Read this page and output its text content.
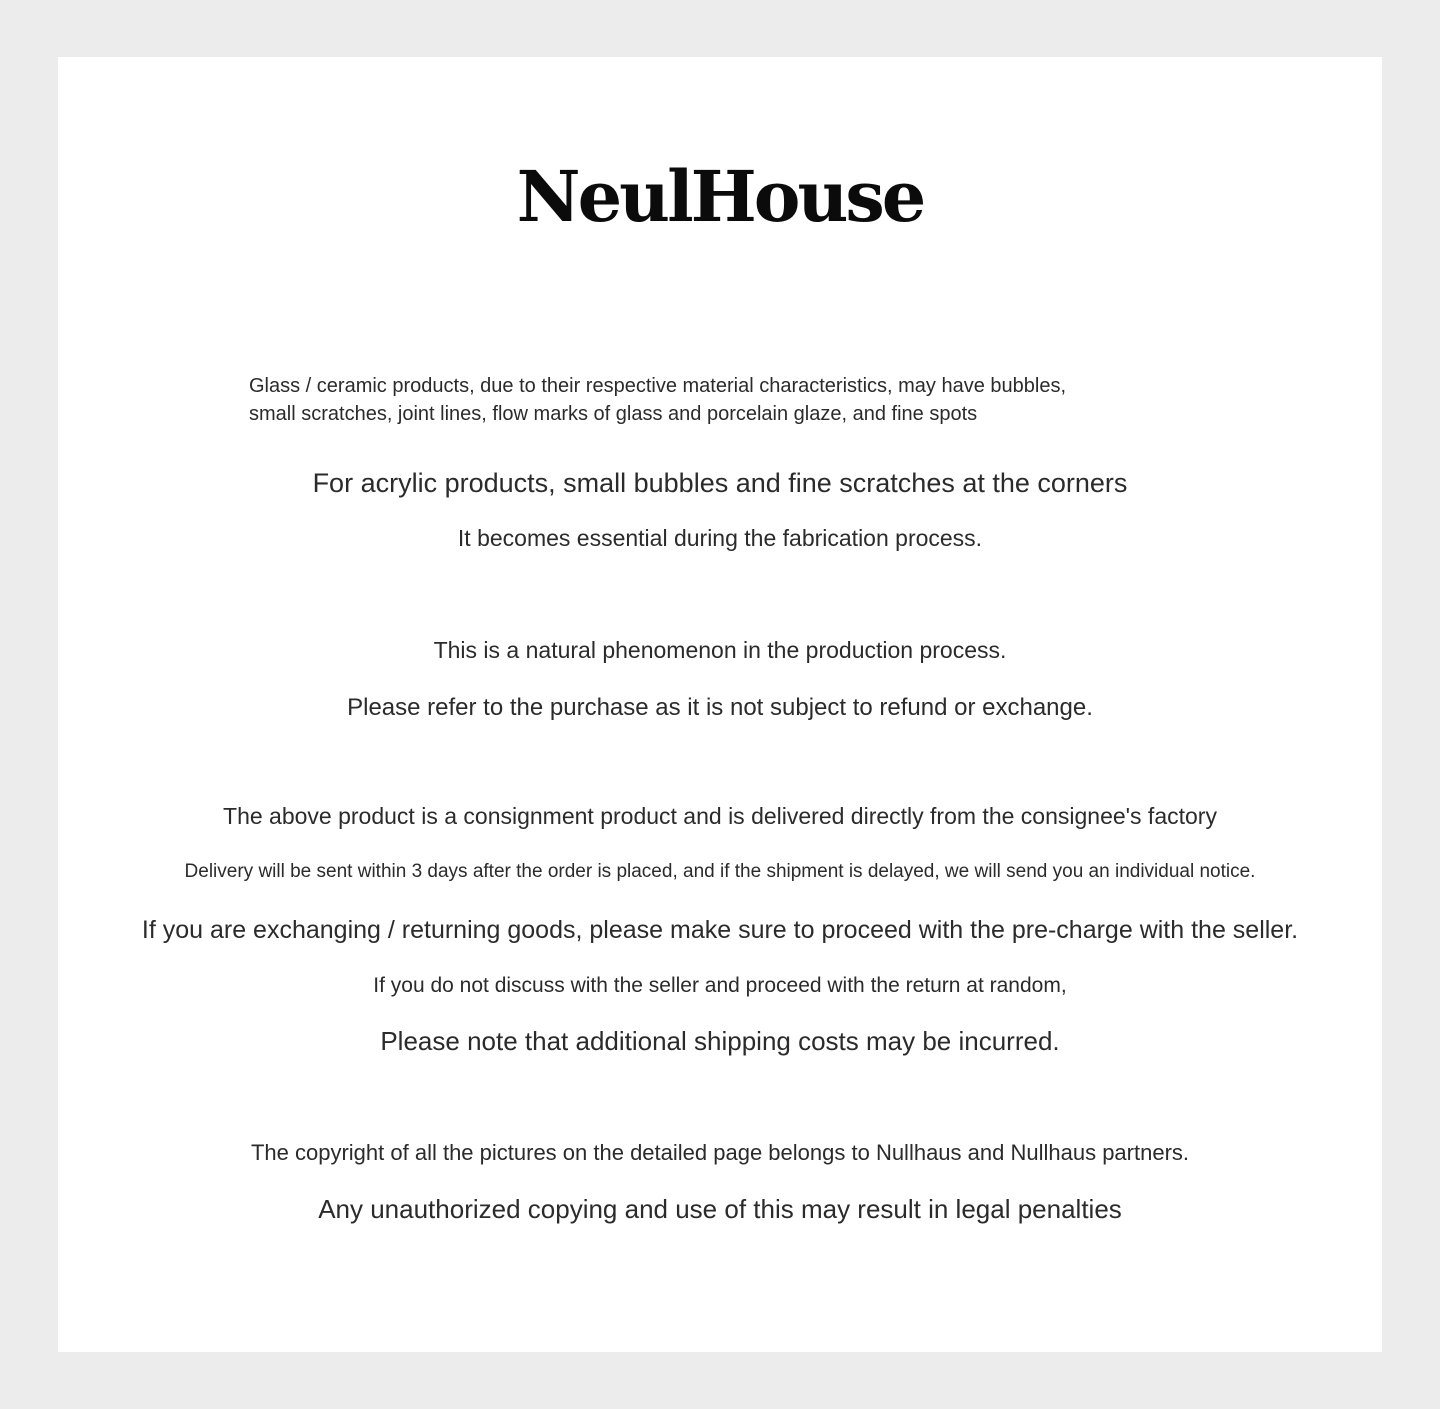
NeulHouse
Glass / ceramic products, due to their respective material characteristics, may have bubbles,
small scratches, joint lines, flow marks of glass and porcelain glaze, and fine spots
For acrylic products, small bubbles and fine scratches at the corners
It becomes essential during the fabrication process.
This is a natural phenomenon in the production process.
Please refer to the purchase as it is not subject to refund or exchange.
The above product is a consignment product and is delivered directly from the consignee's factory
Delivery will be sent within 3 days after the order is placed, and if the shipment is delayed, we will send you an individual notice.
If you are exchanging / returning goods, please make sure to proceed with the pre-charge with the seller.
If you do not discuss with the seller and proceed with the return at random,
Please note that additional shipping costs may be incurred.
The copyright of all the pictures on the detailed page belongs to Nullhaus and Nullhaus partners.
Any unauthorized copying and use of this may result in legal penalties
